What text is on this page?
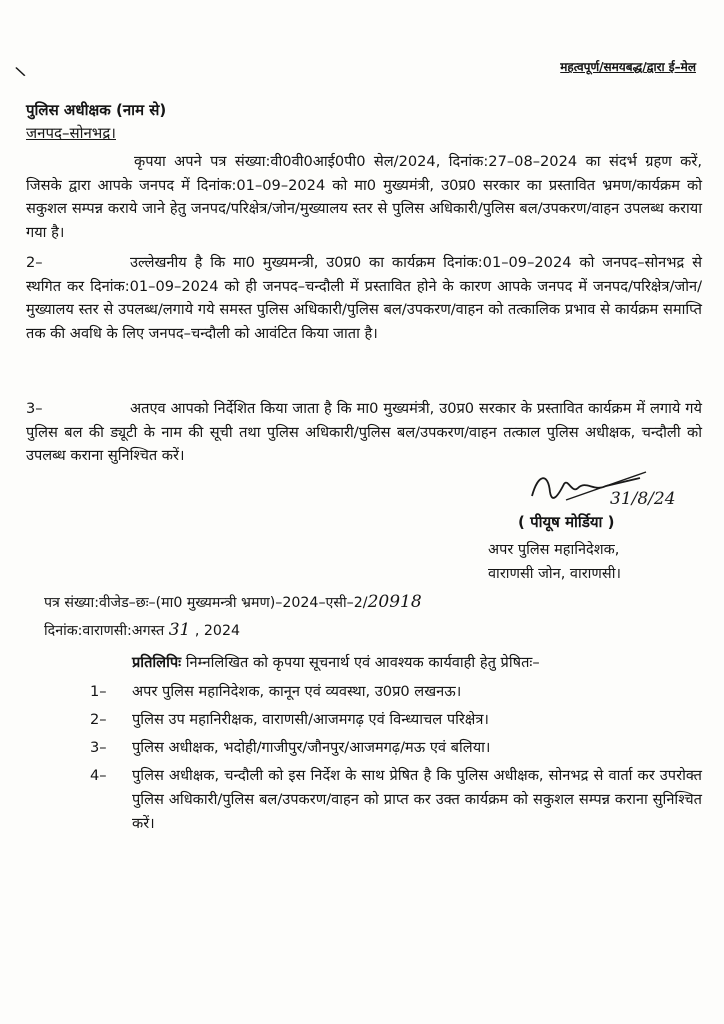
महत्वपूर्ण/समयबद्ध/द्वारा ई–मेल
\
पुलिस अधीक्षक (नाम से)
जनपद–सोनभद्र।

कृपया अपने पत्र संख्या:वी0वी0आई0पी0 सेल/2024, दिनांक:27–08–2024 का संदर्भ ग्रहण करें, जिसके द्वारा आपके जनपद में दिनांक:01–09–2024 को मा0 मुख्यमंत्री, उ0प्र0 सरकार का प्रस्तावित भ्रमण/कार्यक्रम को सकुशल सम्पन्न कराये जाने हेतु जनपद/परिक्षेत्र/जोन/मुख्यालय स्तर से पुलिस अधिकारी/पुलिस बल/उपकरण/वाहन उपलब्ध कराया गया है।

2–	उल्लेखनीय है कि मा0 मुख्यमन्त्री, उ0प्र0 का कार्यक्रम दिनांक:01–09–2024 को जनपद–सोनभद्र से स्थगित कर दिनांक:01–09–2024 को ही जनपद–चन्दौली में प्रस्तावित होने के कारण आपके जनपद में जनपद/परिक्षेत्र/जोन/मुख्यालय स्तर से उपलब्ध/लगाये गये समस्त पुलिस अधिकारी/पुलिस बल/उपकरण/वाहन को तत्कालिक प्रभाव से कार्यक्रम समाप्ति तक की अवधि के लिए जनपद–चन्दौली को आवंटित किया जाता है।

3–	अतएव आपको निर्देशित किया जाता है कि मा0 मुख्यमंत्री, उ0प्र0 सरकार के प्रस्तावित कार्यक्रम में लगाये गये पुलिस बल की ड्यूटी के नाम की सूची तथा पुलिस अधिकारी/पुलिस बल/उपकरण/वाहन तत्काल पुलिस अधीक्षक, चन्दौली को उपलब्ध कराना सुनिश्चित करें।

31/8/24
( पीयूष मोर्डिया )
अपर पुलिस महानिदेशक,
वाराणसी जोन, वाराणसी।
पत्र संख्या:वीजेड–छः–(मा0 मुख्यमन्त्री भ्रमण)–2024–एसी–2/20918
दिनांक:वाराणसी:अगस्त 31 , 2024
प्रतिलिपिः निम्नलिखित को कृपया सूचनार्थ एवं आवश्यक कार्यवाही हेतु प्रेषितः–
1– अपर पुलिस महानिदेशक, कानून एवं व्यवस्था, उ0प्र0 लखनऊ।
2– पुलिस उप महानिरीक्षक, वाराणसी/आजमगढ़ एवं विन्ध्याचल परिक्षेत्र।
3– पुलिस अधीक्षक, भदोही/गाजीपुर/जौनपुर/आजमगढ़/मऊ एवं बलिया।
4– पुलिस अधीक्षक, चन्दौली को इस निर्देश के साथ प्रेषित है कि पुलिस अधीक्षक, सोनभद्र से वार्ता कर उपरोक्त पुलिस अधिकारी/पुलिस बल/उपकरण/वाहन को प्राप्त कर उक्त कार्यक्रम को सकुशल सम्पन्न कराना सुनिश्चित करें।
